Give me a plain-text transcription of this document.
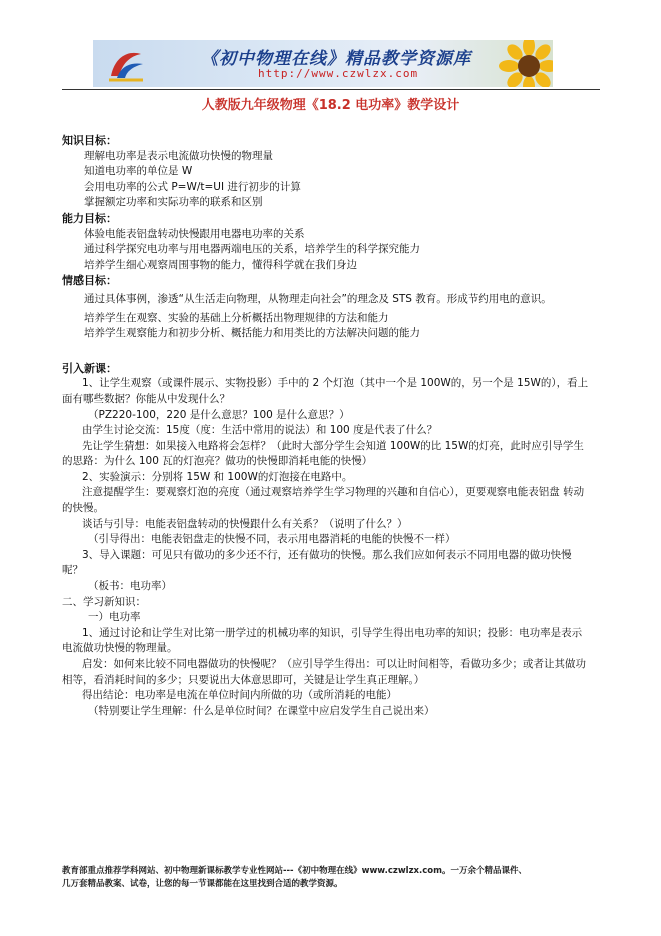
《初中物理在线》精品教学资源库
http://www.czwlzx.com
人教版九年级物理《18.2 电功率》教学设计

知识目标：

理解电功率是表示电流做功快慢的物理量

知道电功率的单位是 W

会用电功率的公式 P=W/t=UI 进行初步的计算

掌握额定功率和实际功率的联系和区别

能力目标：

体验电能表铝盘转动快慢跟用电器电功率的关系

通过科学探究电功率与用电器两端电压的关系，培养学生的科学探究能力

培养学生细心观察周围事物的能力，懂得科学就在我们身边

情感目标：

通过具体事例，渗透“从生活走向物理，从物理走向社会”的理念及 STS 教育。形成节约用电的意识。

培养学生在观察、实验的基础上分析概括出物理规律的方法和能力

培养学生观察能力和初步分析、概括能力和用类比的方法解决问题的能力

引入新课：

1、让学生观察（或课件展示、实物投影）手中的 2 个灯泡（其中一个是 100W的，另一个是 15W的），看上面有哪些数据？你能从中发现什么？

（PZ220-100，220 是什么意思？100 是什么意思？）

由学生讨论交流：15度（度：生活中常用的说法）和 100 度是代表了什么？

先让学生猜想：如果接入电路将会怎样？（此时大部分学生会知道 100W的比 15W的灯亮，此时应引导学生的思路：为什么 100 瓦的灯泡亮？做功的快慢即消耗电能的快慢）

2、实验演示：分别将 15W 和 100W的灯泡接在电路中。

注意提醒学生：要观察灯泡的亮度（通过观察培养学生学习物理的兴趣和自信心），更要观察电能表铝盘 转动的快慢。

谈话与引导：电能表铝盘转动的快慢跟什么有关系？（说明了什么？）

（引导得出：电能表铝盘走的快慢不同，表示用电器消耗的电能的快慢不一样）

3、导入课题：可见只有做功的多少还不行，还有做功的快慢。那么我们应如何表示不同用电器的做功快慢呢？

（板书：电功率）

二、学习新知识：

一）电功率

1、通过讨论和让学生对比第一册学过的机械功率的知识，引导学生得出电功率的知识；投影：电功率是表示电流做功快慢的物理量。

启发：如何来比较不同电器做功的快慢呢？（应引导学生得出：可以让时间相等，看做功多少；或者让其做功相等，看消耗时间的多少；只要说出大体意思即可，关键是让学生真正理解。）

得出结论：电功率是电流在单位时间内所做的功（或所消耗的电能）

（特别要让学生理解：什么是单位时间？在课堂中应启发学生自己说出来）

教育部重点推荐学科网站、初中物理新课标教学专业性网站---《初中物理在线》www.czwlzx.com。一万余个精品课件、
几万套精品教案、试卷，让您的每一节课都能在这里找到合适的教学资源。
